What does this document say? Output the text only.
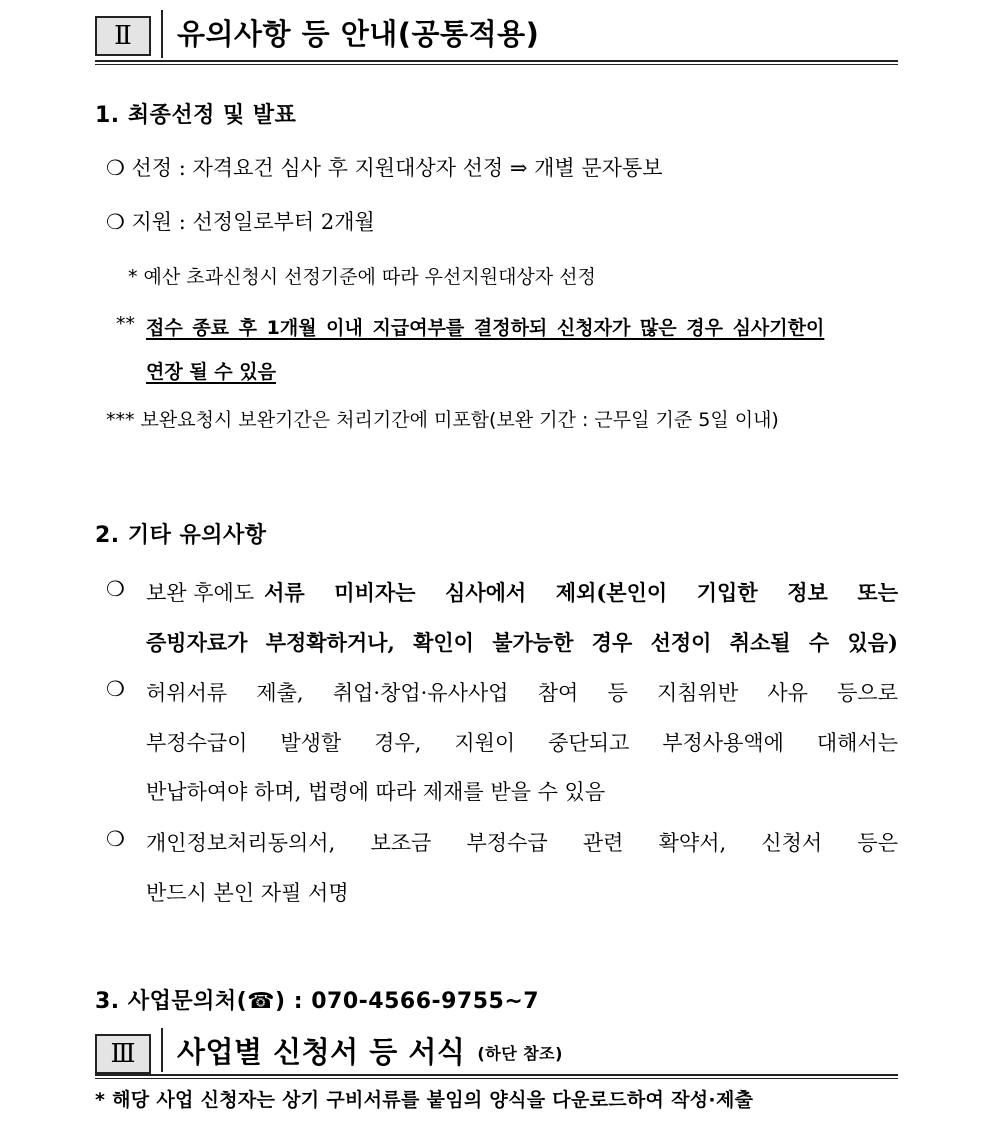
Ⅱ	유의사항 등 안내(공통적용)
1. 최종선정 및 발표
❍ 선정 : 자격요건 심사 후 지원대상자 선정 ⇒ 개별 문자통보
❍ 지원 : 선정일로부터 2개월
* 예산 초과신청시 선정기준에 따라 우선지원대상자 선정
** 접수 종료 후 1개월 이내 지급여부를 결정하되 신청자가 많은 경우 심사기한이
연장 될 수 있음
*** 보완요청시 보완기간은 처리기간에 미포함(보완 기간 : 근무일 기준 5일 이내)
2. 기타 유의사항
❍ 보완 후에도 서류 미비자는 심사에서 제외(본인이 기입한 정보 또는
증빙자료가 부정확하거나, 확인이 불가능한 경우 선정이 취소될 수 있음)
❍ 허위서류 제출, 취업·창업·유사사업 참여 등 지침위반 사유 등으로
부정수급이 발생할 경우, 지원이 중단되고 부정사용액에 대해서는
반납하여야 하며, 법령에 따라 제재를 받을 수 있음
❍ 개인정보처리동의서, 보조금 부정수급 관련 확약서, 신청서 등은
반드시 본인 자필 서명
3. 사업문의처(☎) : 070-4566-9755~7
Ⅲ	사업별 신청서 등 서식 (하단 참조)
* 해당 사업 신청자는 상기 구비서류를 붙임의 양식을 다운로드하여 작성·제출
